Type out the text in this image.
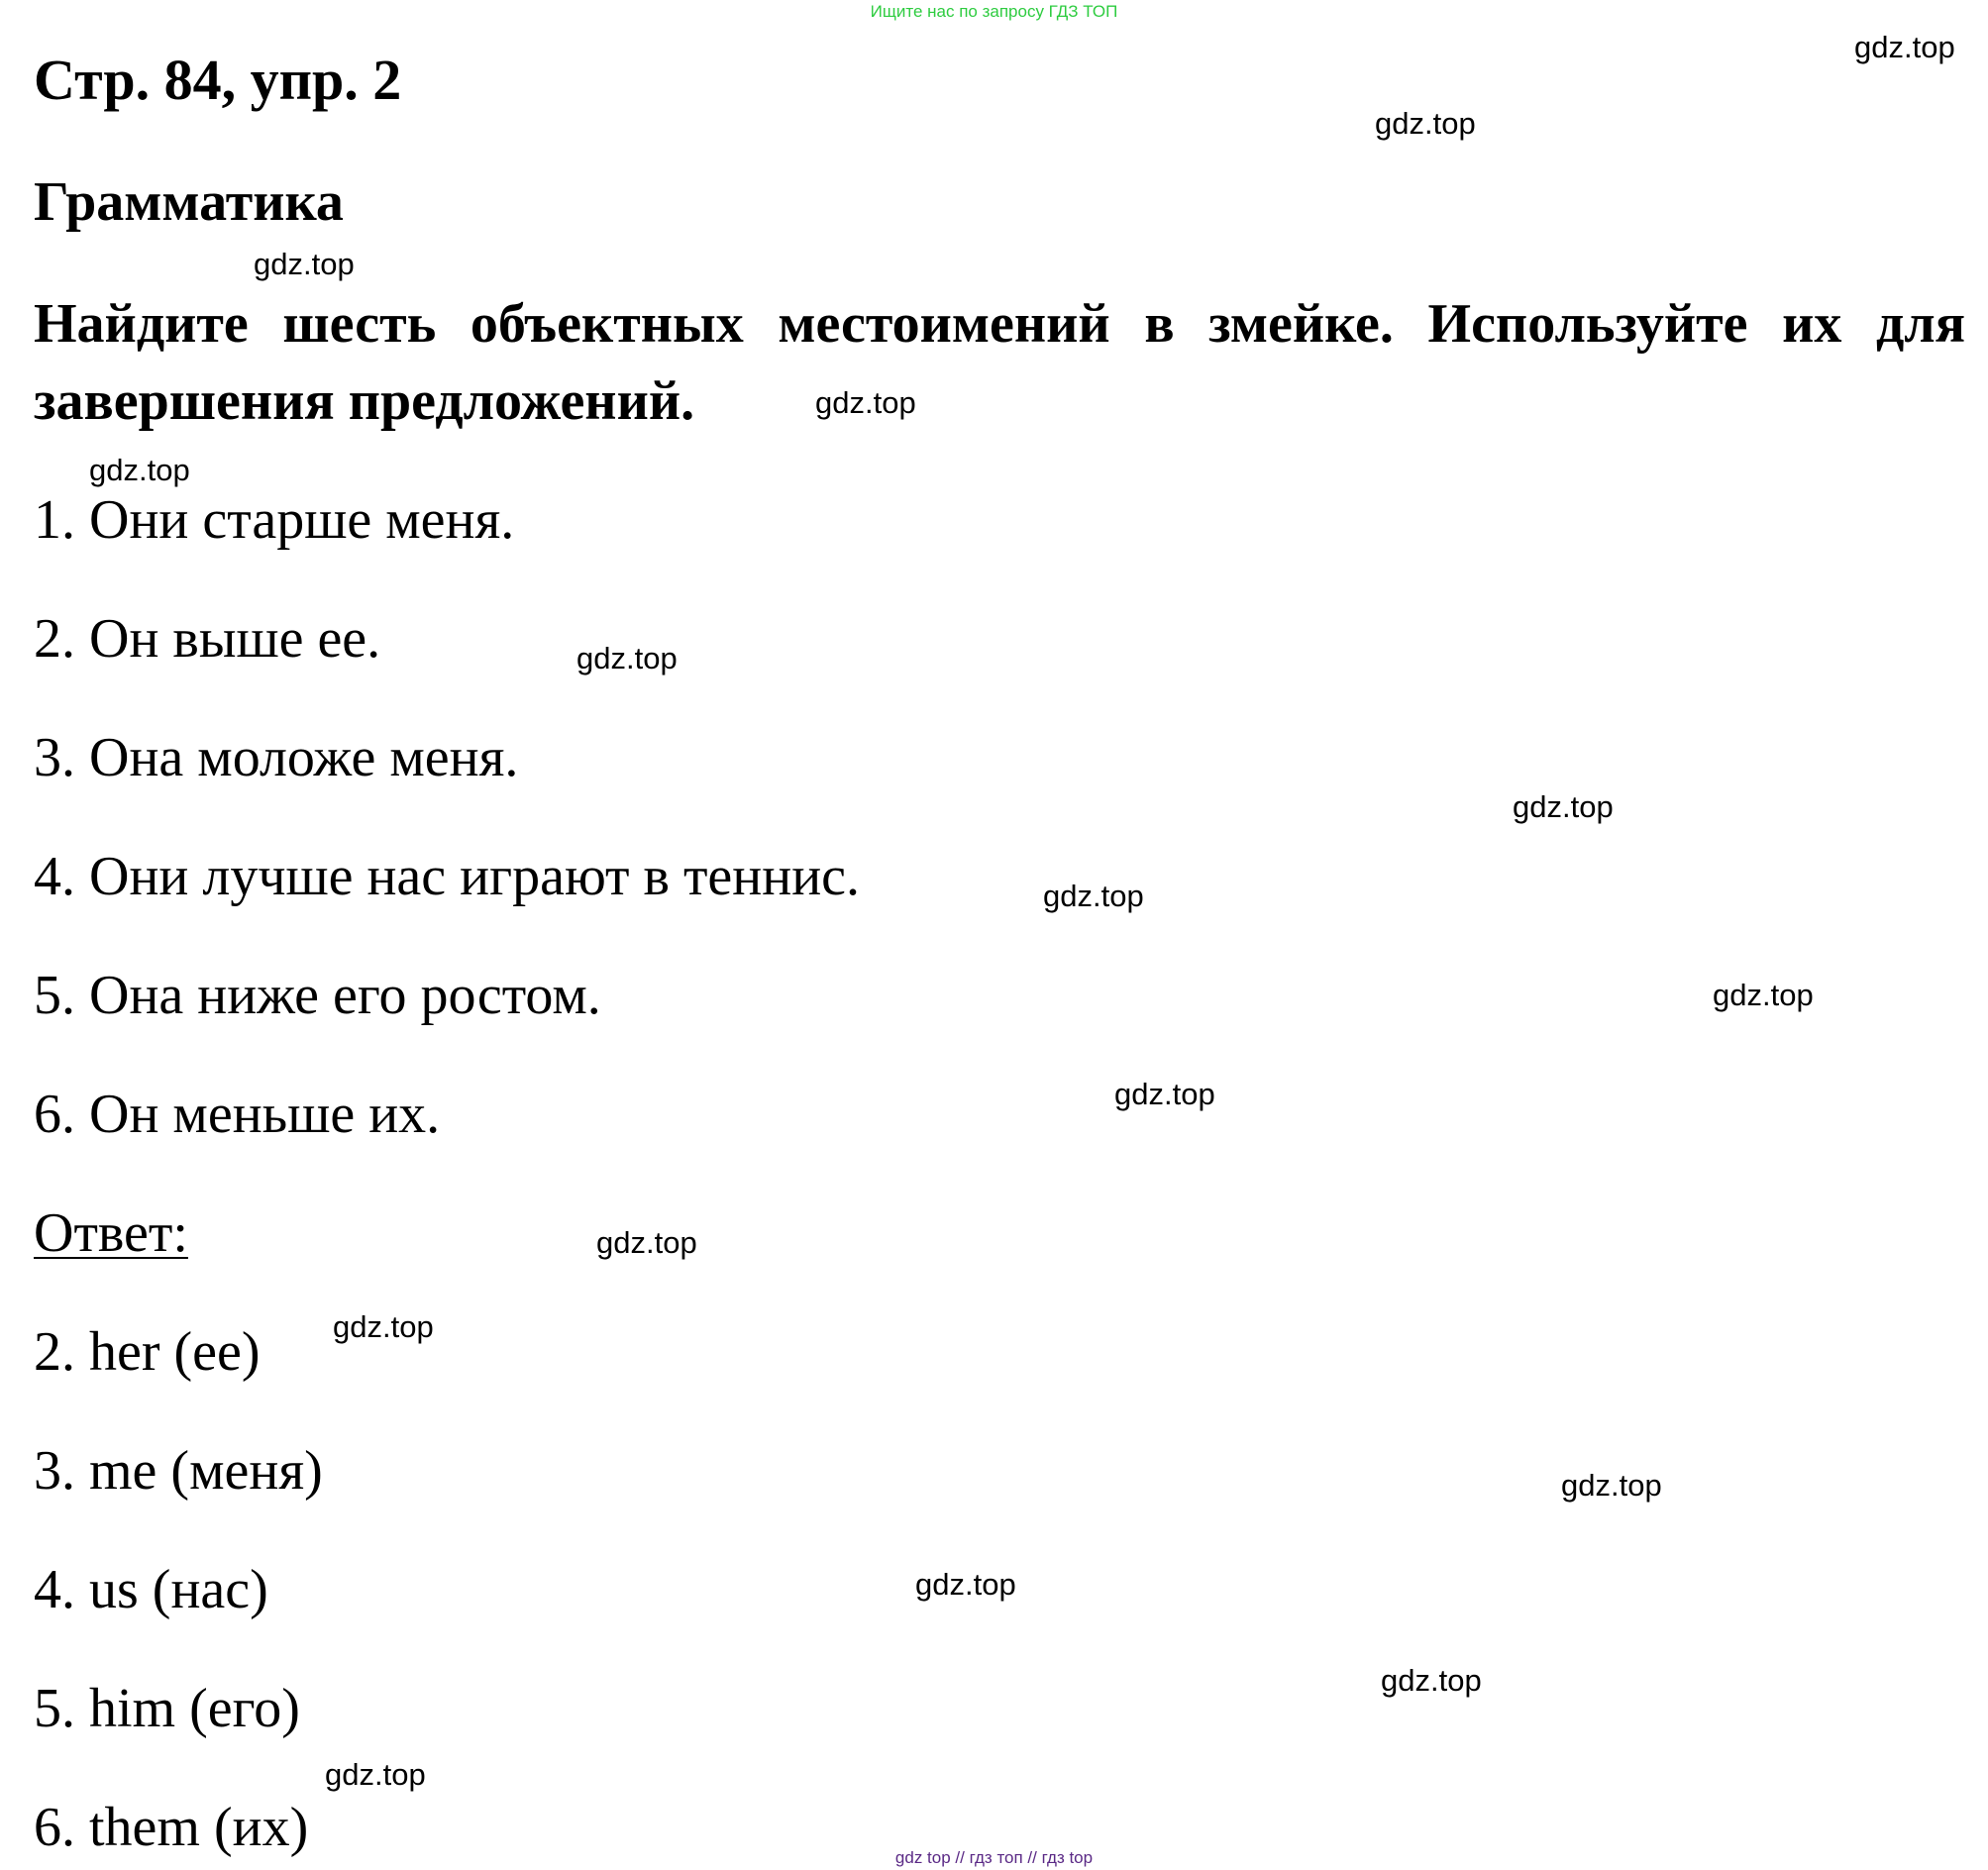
Ищите нас по запросу ГДЗ ТОП
Стр. 84, упр. 2
Грамматика

Найдите шесть объектных местоимений в змейке. Используйте их для завершения предложений.

1. Они старше меня.
2. Он выше ее.
3. Она моложе меня.
4. Они лучше нас играют в теннис.
5. Она ниже его ростом.
6. Он меньше их.
Ответ:
2. her (ее)
3. me (меня)
4. us (нас)
5. him (его)
6. them (их)
gdz.top
gdz.top
gdz.top
gdz.top
gdz.top
gdz.top
gdz.top
gdz.top
gdz.top
gdz.top
gdz.top
gdz.top
gdz.top
gdz.top
gdz.top
gdz.top
gdz top // гдз топ // гдз top
